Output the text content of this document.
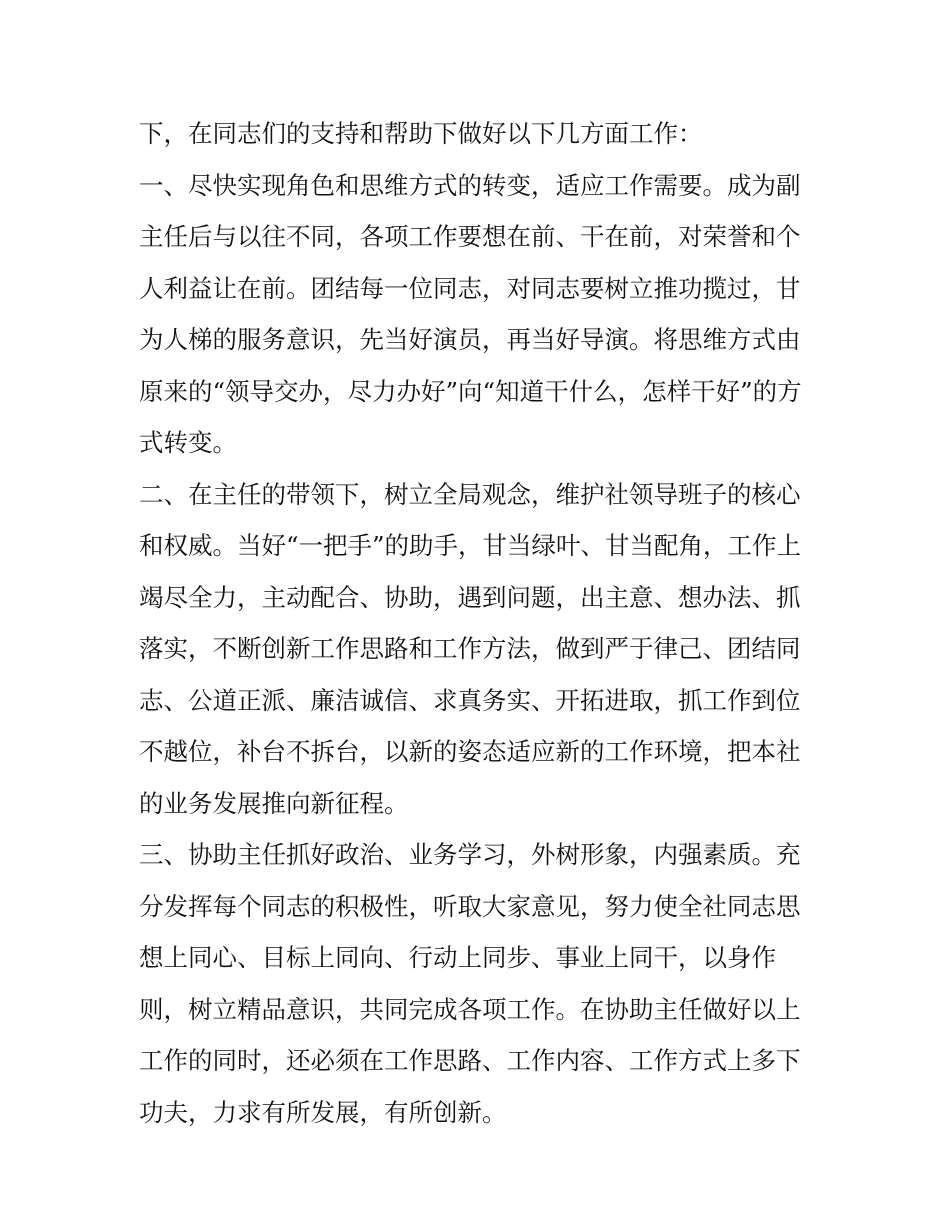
下，在同志们的支持和帮助下做好以下几方面工作：
一、尽快实现角色和思维方式的转变，适应工作需要。成为副
主任后与以往不同，各项工作要想在前、干在前，对荣誉和个
人利益让在前。团结每一位同志，对同志要树立推功揽过，甘
为人梯的服务意识，先当好演员，再当好导演。将思维方式由
原来的“领导交办，尽力办好”向“知道干什么，怎样干好”的方
式转变。
二、在主任的带领下，树立全局观念，维护社领导班子的核心
和权威。当好“一把手”的助手，甘当绿叶、甘当配角，工作上
竭尽全力，主动配合、协助，遇到问题，出主意、想办法、抓
落实，不断创新工作思路和工作方法，做到严于律己、团结同
志、公道正派、廉洁诚信、求真务实、开拓进取，抓工作到位
不越位，补台不拆台，以新的姿态适应新的工作环境，把本社
的业务发展推向新征程。
三、协助主任抓好政治、业务学习，外树形象，内强素质。充
分发挥每个同志的积极性，听取大家意见，努力使全社同志思
想上同心、目标上同向、行动上同步、事业上同干，以身作
则，树立精品意识，共同完成各项工作。在协助主任做好以上
工作的同时，还必须在工作思路、工作内容、工作方式上多下
功夫，力求有所发展，有所创新。
